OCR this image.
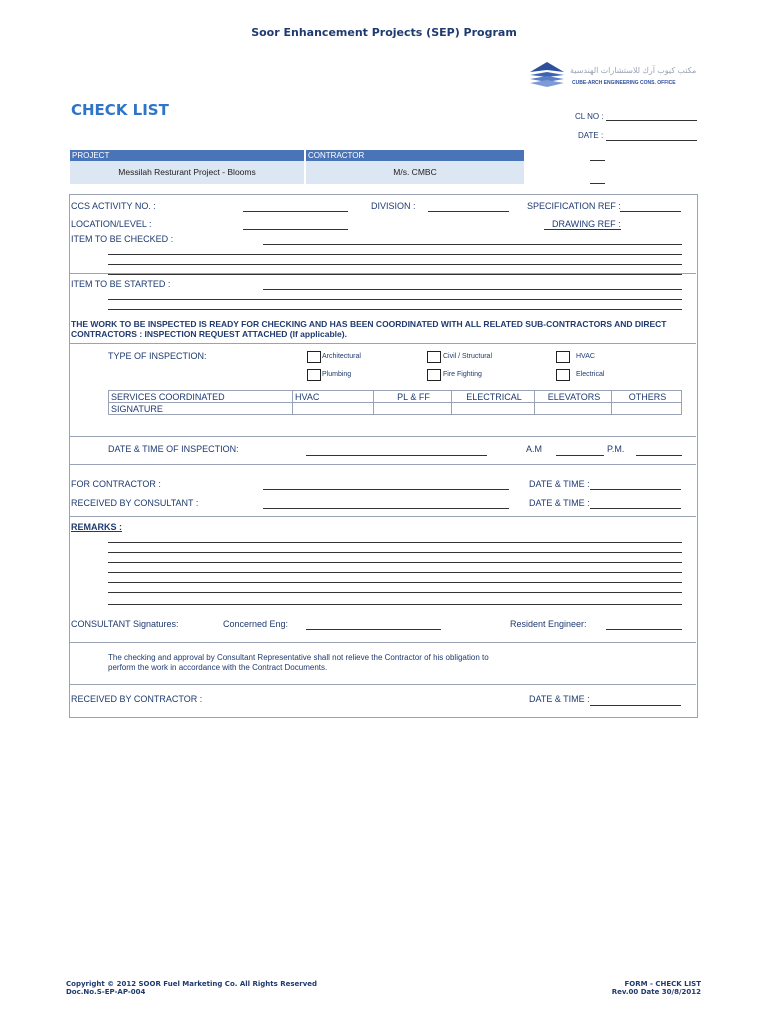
Soor Enhancement Projects (SEP) Program
مكتب كيوب آرك للاستشارات الهندسية
CUBE-ARCH ENGINEERING CONS. OFFICE
CHECK LIST	CL NO :
DATE :
PROJECT
Messilah Resturant Project - Blooms
CONTRACTOR
M/s. CMBC
CCS ACTIVITY NO. :	DIVISION :	SPECIFICATION REF :
LOCATION/LEVEL :	DRAWING REF :
ITEM TO BE CHECKED :
ITEM TO BE STARTED :
THE WORK TO BE INSPECTED IS READY FOR CHECKING AND HAS BEEN COORDINATED WITH ALL RELATED SUB-CONTRACTORS AND DIRECT CONTRACTORS : INSPECTION REQUEST ATTACHED (If applicable).
TYPE OF INSPECTION:	Architectural	Civil / Structural	HVAC
Plumbing	Fire Fighting	Electrical
SERVICES COORDINATED	HVAC	PL & FF	ELECTRICAL	ELEVATORS	OTHERS
SIGNATURE					
DATE & TIME OF INSPECTION:	A.M	P.M.
FOR CONTRACTOR :	DATE & TIME :
RECEIVED BY CONSULTANT :	DATE & TIME :
REMARKS :
CONSULTANT Signatures:	Concerned Eng:	Resident Engineer:
The checking and approval by Consultant Representative shall not relieve the Contractor of his obligation to
perform the work in accordance with the Contract Documents.
RECEIVED BY CONTRACTOR :	DATE & TIME :
Copyright © 2012 SOOR Fuel Marketing Co. All Rights Reserved
Doc.No.S-EP-AP-004
FORM - CHECK LIST
Rev.00 Date 30/8/2012
